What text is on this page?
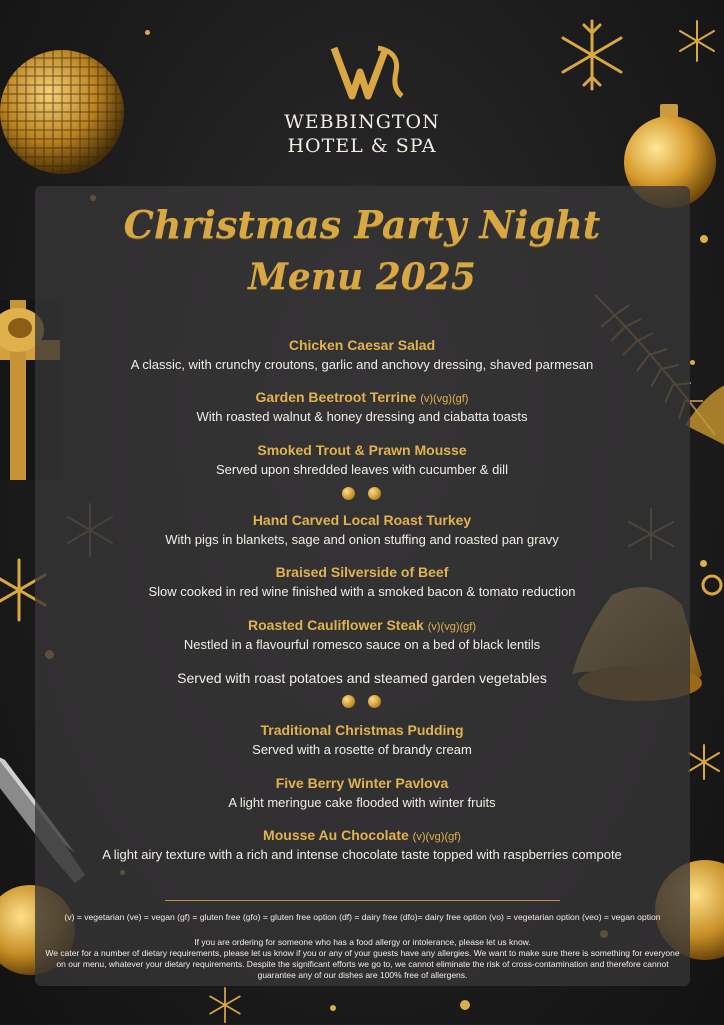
WEBBINGTON
HOTEL & SPA
Christmas Party Night
Menu 2025
Chicken Caesar Salad
A classic, with crunchy croutons, garlic and anchovy dressing, shaved parmesan
Garden Beetroot Terrine (v)(vg)(gf)
With roasted walnut & honey dressing and ciabatta toasts
Smoked Trout & Prawn Mousse
Served upon shredded leaves with cucumber & dill
Hand Carved Local Roast Turkey
With pigs in blankets, sage and onion stuffing and roasted pan gravy
Braised Silverside of Beef
Slow cooked in red wine finished with a smoked bacon & tomato reduction
Roasted Cauliflower Steak (v)(vg)(gf)
Nestled in a flavourful romesco sauce on a bed of black lentils
Served with roast potatoes and steamed garden vegetables
Traditional Christmas Pudding
Served with a rosette of brandy cream
Five Berry Winter Pavlova
A light meringue cake flooded with winter fruits
Mousse Au Chocolate (v)(vg)(gf)
A light airy texture with a rich and intense chocolate taste topped with raspberries compote
(v) = vegetarian (ve) = vegan (gf) = gluten free (gfo) = gluten free option (df) = dairy free (dfo)= dairy free option (vo) = vegetarian option (veo) = vegan option
If you are ordering for someone who has a food allergy or intolerance, please let us know.
We cater for a number of dietary requirements, please let us know if you or any of your guests have any allergies. We want to make sure there is something for everyone on our menu, whatever your dietary requirements. Despite the significant efforts we go to, we cannot eliminate the risk of cross-contamination and therefore cannot guarantee any of our dishes are 100% free of allergens.
